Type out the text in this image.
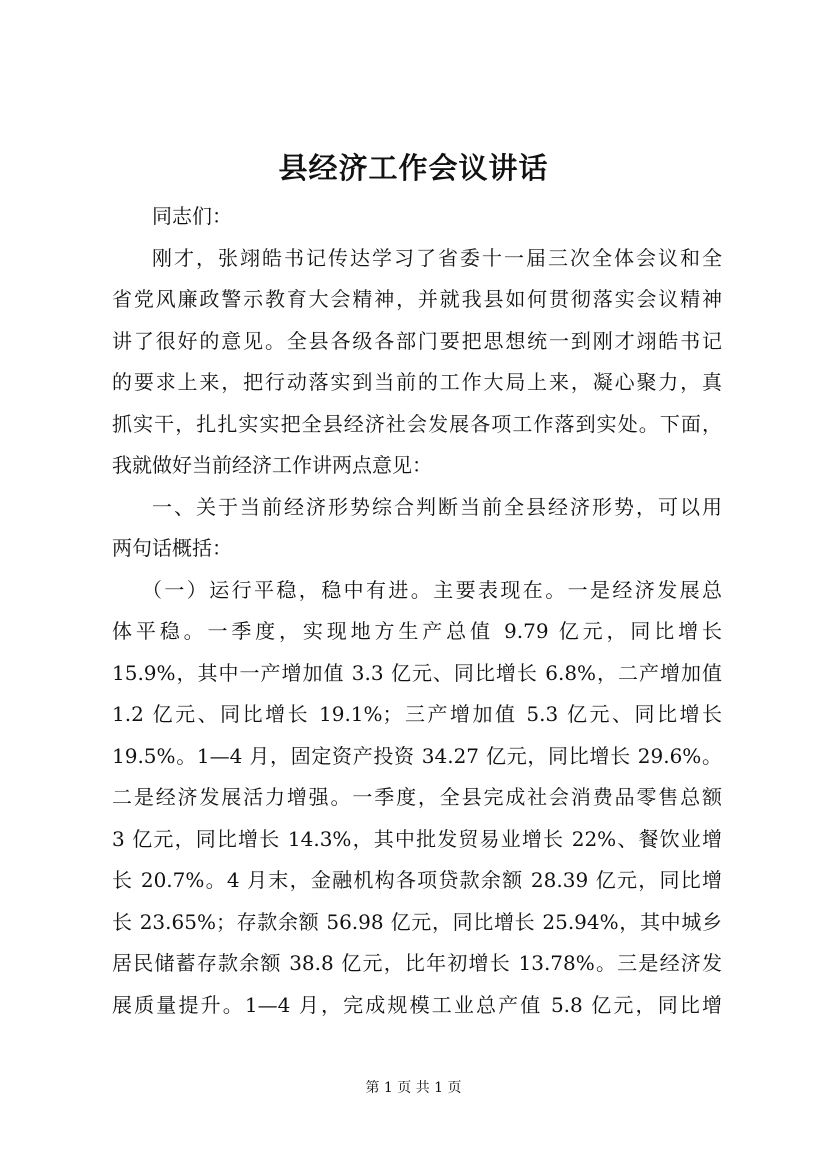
县经济工作会议讲话
同志们：
刚才，张翊皓书记传达学习了省委十一届三次全体会议和全
省党风廉政警示教育大会精神，并就我县如何贯彻落实会议精神
讲了很好的意见。全县各级各部门要把思想统一到刚才翊皓书记
的要求上来，把行动落实到当前的工作大局上来，凝心聚力，真
抓实干，扎扎实实把全县经济社会发展各项工作落到实处。下面，
我就做好当前经济工作讲两点意见：
一、关于当前经济形势综合判断当前全县经济形势，可以用
两句话概括：
（一）运行平稳，稳中有进。主要表现在。一是经济发展总
体平稳。一季度，实现地方生产总值 9.79 亿元，同比增长
15.9%，其中一产增加值 3.3 亿元、同比增长 6.8%，二产增加值
1.2 亿元、同比增长 19.1%；三产增加值 5.3 亿元、同比增长
19.5%。1—4 月，固定资产投资 34.27 亿元，同比增长 29.6%。
二是经济发展活力增强。一季度，全县完成社会消费品零售总额
3 亿元，同比增长 14.3%，其中批发贸易业增长 22%、餐饮业增
长 20.7%。4 月末，金融机构各项贷款余额 28.39 亿元，同比增
长 23.65%；存款余额 56.98 亿元，同比增长 25.94%，其中城乡
居民储蓄存款余额 38.8 亿元，比年初增长 13.78%。三是经济发
展质量提升。1—4 月，完成规模工业总产值 5.8 亿元，同比增
第 1 页 共 1 页
